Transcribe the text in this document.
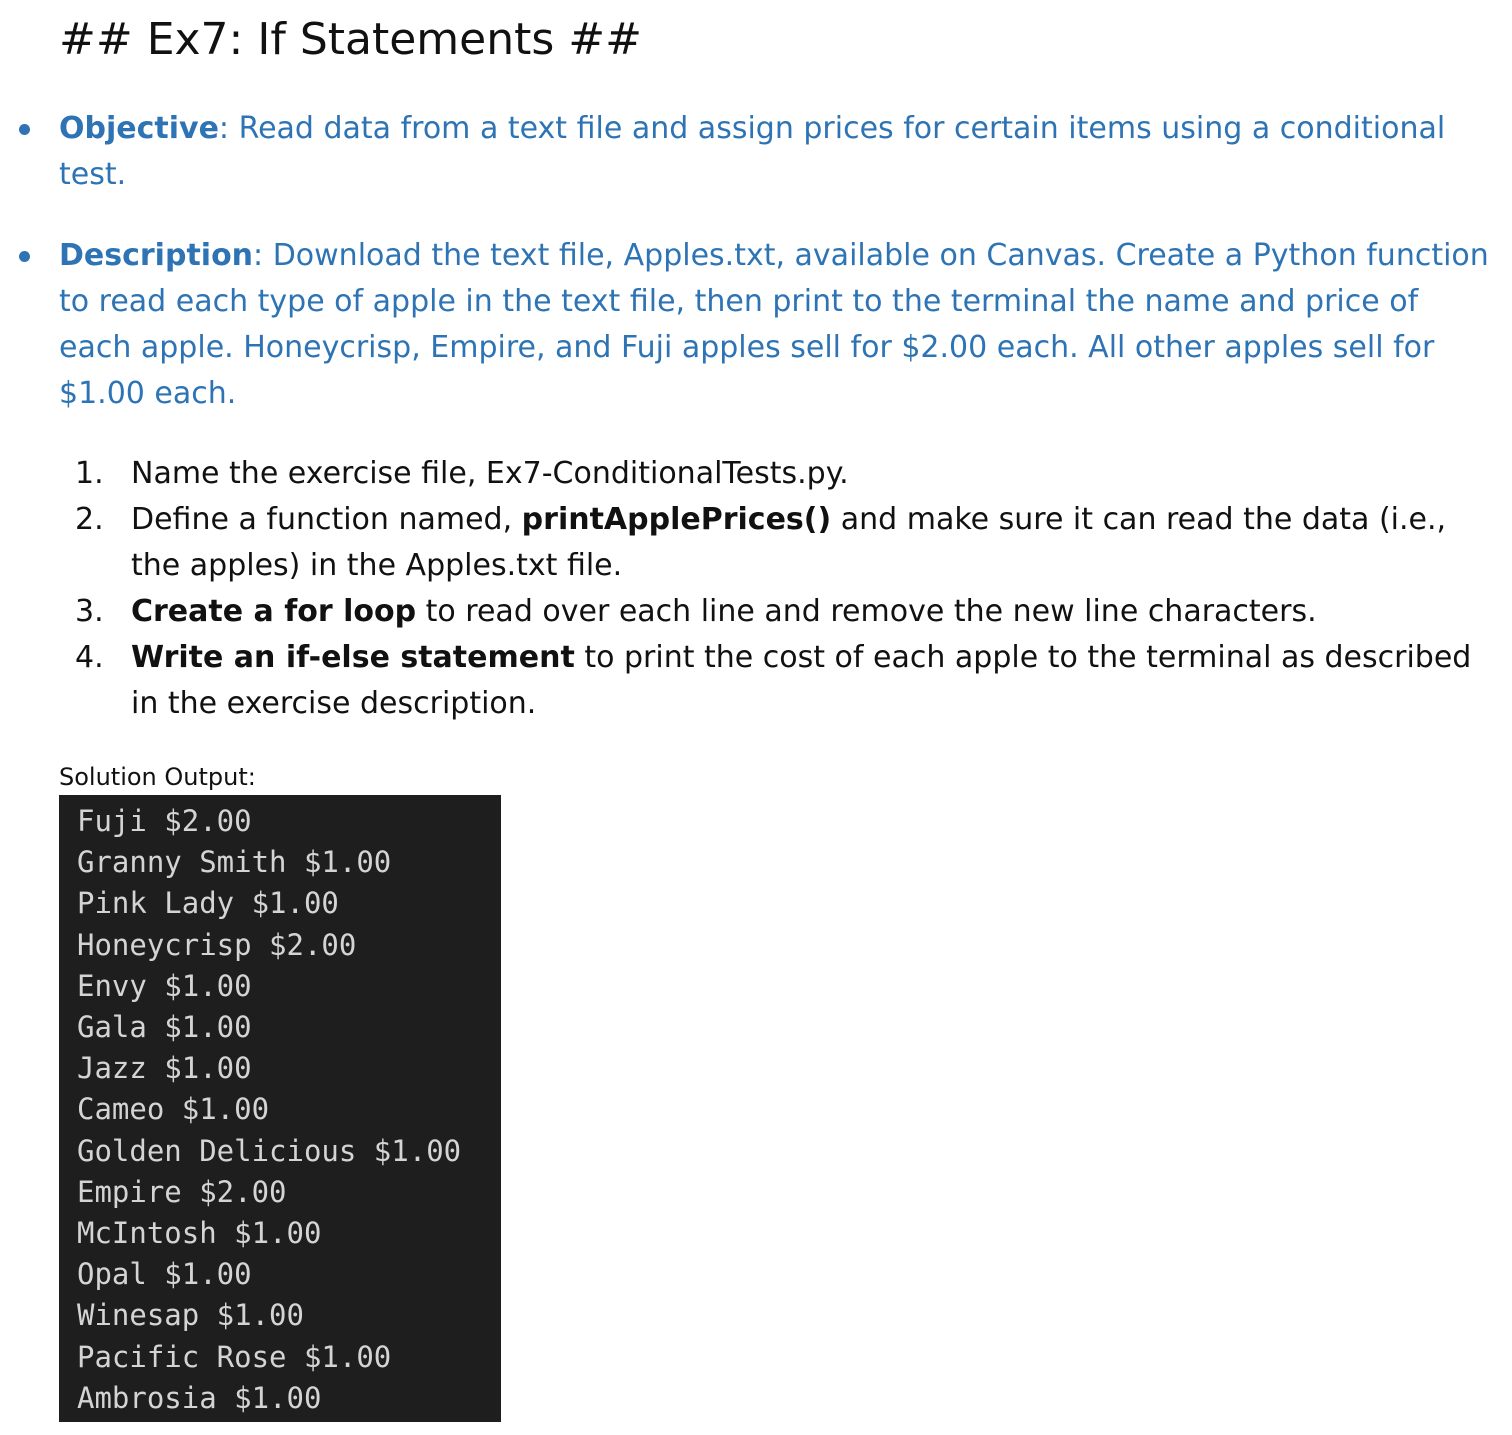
## Ex7: If Statements ##
Objective: Read data from a text file and assign prices for certain items using a conditional test.
Description: Download the text file, Apples.txt, available on Canvas. Create a Python function to read each type of apple in the text file, then print to the terminal the name and price of each apple. Honeycrisp, Empire, and Fuji apples sell for $2.00 each. All other apples sell for $1.00 each.
1. Name the exercise file, Ex7-ConditionalTests.py.
2. Define a function named, printApplePrices() and make sure it can read the data (i.e., the apples) in the Apples.txt file.
3. Create a for loop to read over each line and remove the new line characters.
4. Write an if-else statement to print the cost of each apple to the terminal as described in the exercise description.
Solution Output:
Fuji $2.00
Granny Smith $1.00
Pink Lady $1.00
Honeycrisp $2.00
Envy $1.00
Gala $1.00
Jazz $1.00
Cameo $1.00
Golden Delicious $1.00
Empire $2.00
McIntosh $1.00
Opal $1.00
Winesap $1.00
Pacific Rose $1.00
Ambrosia $1.00
